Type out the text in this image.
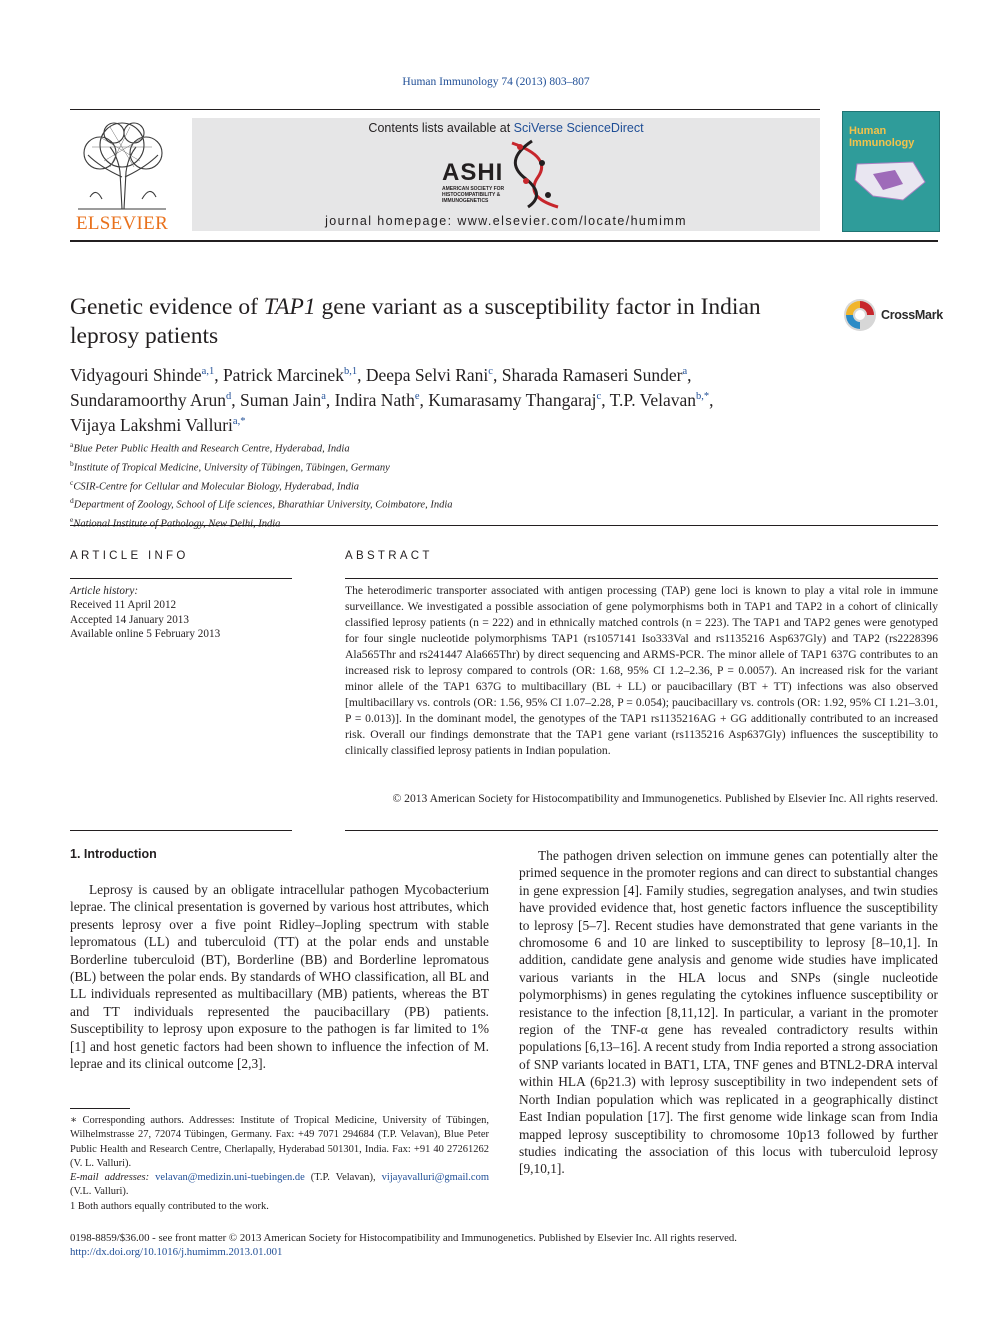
Human Immunology 74 (2013) 803–807
ELSEVIER
Contents lists available at SciVerse ScienceDirect
ASHI
AMERICAN SOCIETY FOR HISTOCOMPATIBILITY & IMMUNOGENETICS
journal homepage: www.elsevier.com/locate/humimm
Human
Immunology
Genetic evidence of TAP1 gene variant as a susceptibility factor in Indian leprosy patients
CrossMark
Vidyagouri Shinde$^{a,1}$, Patrick Marcinek$^{b,1}$, Deepa Selvi Rani$^c$, Sharada Ramaseri Sunder$^a$,
Sundaramoorthy Arun$^d$, Suman Jain$^a$, Indira Nath$^e$, Kumarasamy Thangaraj$^c$, T.P. Velavan$^{b,*}$,
Vijaya Lakshmi Valluri$^{a,*}$
$^a$Blue Peter Public Health and Research Centre, Hyderabad, India
$^b$Institute of Tropical Medicine, University of Tübingen, Tübingen, Germany
$^c$CSIR-Centre for Cellular and Molecular Biology, Hyderabad, India
$^d$Department of Zoology, School of Life sciences, Bharathiar University, Coimbatore, India
$^e$National Institute of Pathology, New Delhi, India
ARTICLE INFO	ABSTRACT
Article history:
Received 11 April 2012
Accepted 14 January 2013
Available online 5 February 2013
The heterodimeric transporter associated with antigen processing (TAP) gene loci is known to play a vital role in immune surveillance. We investigated a possible association of gene polymorphisms both in TAP1 and TAP2 in a cohort of clinically classified leprosy patients (n = 222) and in ethnically matched controls (n = 223). The TAP1 and TAP2 genes were genotyped for four single nucleotide polymorphisms TAP1 (rs1057141 Iso333Val and rs1135216 Asp637Gly) and TAP2 (rs2228396 Ala565Thr and rs241447 Ala665Thr) by direct sequencing and ARMS-PCR. The minor allele of TAP1 637G contributes to an increased risk to leprosy compared to controls (OR: 1.68, 95% CI 1.2–2.36, P = 0.0057). An increased risk for the variant minor allele of the TAP1 637G to multibacillary (BL + LL) or paucibacillary (BT + TT) infections was also observed [multibacillary vs. controls (OR: 1.56, 95% CI 1.07–2.28, P = 0.054); paucibacillary vs. controls (OR: 1.92, 95% CI 1.21–3.01, P = 0.013)]. In the dominant model, the genotypes of the TAP1 rs1135216AG + GG additionally contributed to an increased risk. Overall our findings demonstrate that the TAP1 gene variant (rs1135216 Asp637Gly) influences the susceptibility to clinically classified leprosy patients in Indian population.
© 2013 American Society for Histocompatibility and Immunogenetics. Published by Elsevier Inc. All rights reserved.
1. Introduction
Leprosy is caused by an obligate intracellular pathogen Mycobacterium leprae. The clinical presentation is governed by various host attributes, which presents leprosy over a five point Ridley–Jopling spectrum with stable lepromatous (LL) and tuberculoid (TT) at the polar ends and unstable Borderline tuberculoid (BT), Borderline (BB) and Borderline lepromatous (BL) between the polar ends. By standards of WHO classification, all BL and LL individuals represented as multibacillary (MB) patients, whereas the BT and TT individuals represented the paucibacillary (PB) patients. Susceptibility to leprosy upon exposure to the pathogen is far limited to 1% [1] and host genetic factors had been shown to influence the infection of M. leprae and its clinical outcome [2,3].
The pathogen driven selection on immune genes can potentially alter the primed sequence in the promoter regions and can direct to substantial changes in gene expression [4]. Family studies, segregation analyses, and twin studies have provided evidence that, host genetic factors influence the susceptibility to leprosy [5–7]. Recent studies have demonstrated that gene variants in the chromosome 6 and 10 are linked to susceptibility to leprosy [8–10,1]. In addition, candidate gene analysis and genome wide studies have implicated various variants in the HLA locus and SNPs (single nucleotide polymorphisms) in genes regulating the cytokines influence susceptibility or resistance to the infection [8,11,12]. In particular, a variant in the promoter region of the TNF-α gene has revealed contradictory results within populations [6,13–16]. A recent study from India reported a strong association of SNP variants located in BAT1, LTA, TNF genes and BTNL2-DRA interval within HLA (6p21.3) with leprosy susceptibility in two independent sets of North Indian population which was replicated in a geographically distinct East Indian population [17]. The first genome wide linkage scan from India mapped leprosy susceptibility to chromosome 10p13 followed by further studies indicating the association of this locus with tuberculoid leprosy [9,10,1].

∗ Corresponding authors. Addresses: Institute of Tropical Medicine, University of Tübingen, Wilhelmstrasse 27, 72074 Tübingen, Germany. Fax: +49 7071 294684 (T.P. Velavan), Blue Peter Public Health and Research Centre, Cherlapally, Hyderabad 501301, India. Fax: +91 40 27261262 (V. L. Valluri).

E-mail addresses: velavan@medizin.uni-tuebingen.de (T.P. Velavan), vijayavalluri@gmail.com (V.L. Valluri).

1 Both authors equally contributed to the work.

0198-8859/$36.00 - see front matter © 2013 American Society for Histocompatibility and Immunogenetics. Published by Elsevier Inc. All rights reserved.
http://dx.doi.org/10.1016/j.humimm.2013.01.001
